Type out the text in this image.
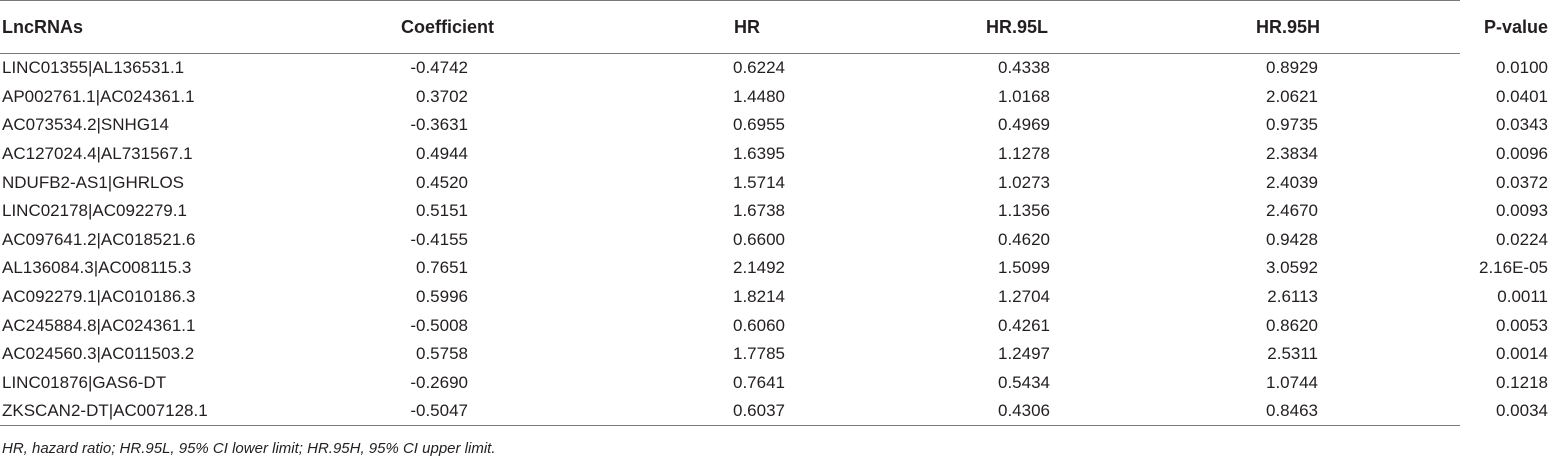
LncRNAs	Coefficient	HR	HR.95L	HR.95H	P-value
LINC01355|AL136531.1	-0.4742	0.6224	0.4338	0.8929	0.0100
AP002761.1|AC024361.1	0.3702	1.4480	1.0168	2.0621	0.0401
AC073534.2|SNHG14	-0.3631	0.6955	0.4969	0.9735	0.0343
AC127024.4|AL731567.1	0.4944	1.6395	1.1278	2.3834	0.0096
NDUFB2-AS1|GHRLOS	0.4520	1.5714	1.0273	2.4039	0.0372
LINC02178|AC092279.1	0.5151	1.6738	1.1356	2.4670	0.0093
AC097641.2|AC018521.6	-0.4155	0.6600	0.4620	0.9428	0.0224
AL136084.3|AC008115.3	0.7651	2.1492	1.5099	3.0592	2.16E-05
AC092279.1|AC010186.3	0.5996	1.8214	1.2704	2.6113	0.0011
AC245884.8|AC024361.1	-0.5008	0.6060	0.4261	0.8620	0.0053
AC024560.3|AC011503.2	0.5758	1.7785	1.2497	2.5311	0.0014
LINC01876|GAS6-DT	-0.2690	0.7641	0.5434	1.0744	0.1218
ZKSCAN2-DT|AC007128.1	-0.5047	0.6037	0.4306	0.8463	0.0034
HR, hazard ratio; HR.95L, 95% CI lower limit; HR.95H, 95% CI upper limit.
